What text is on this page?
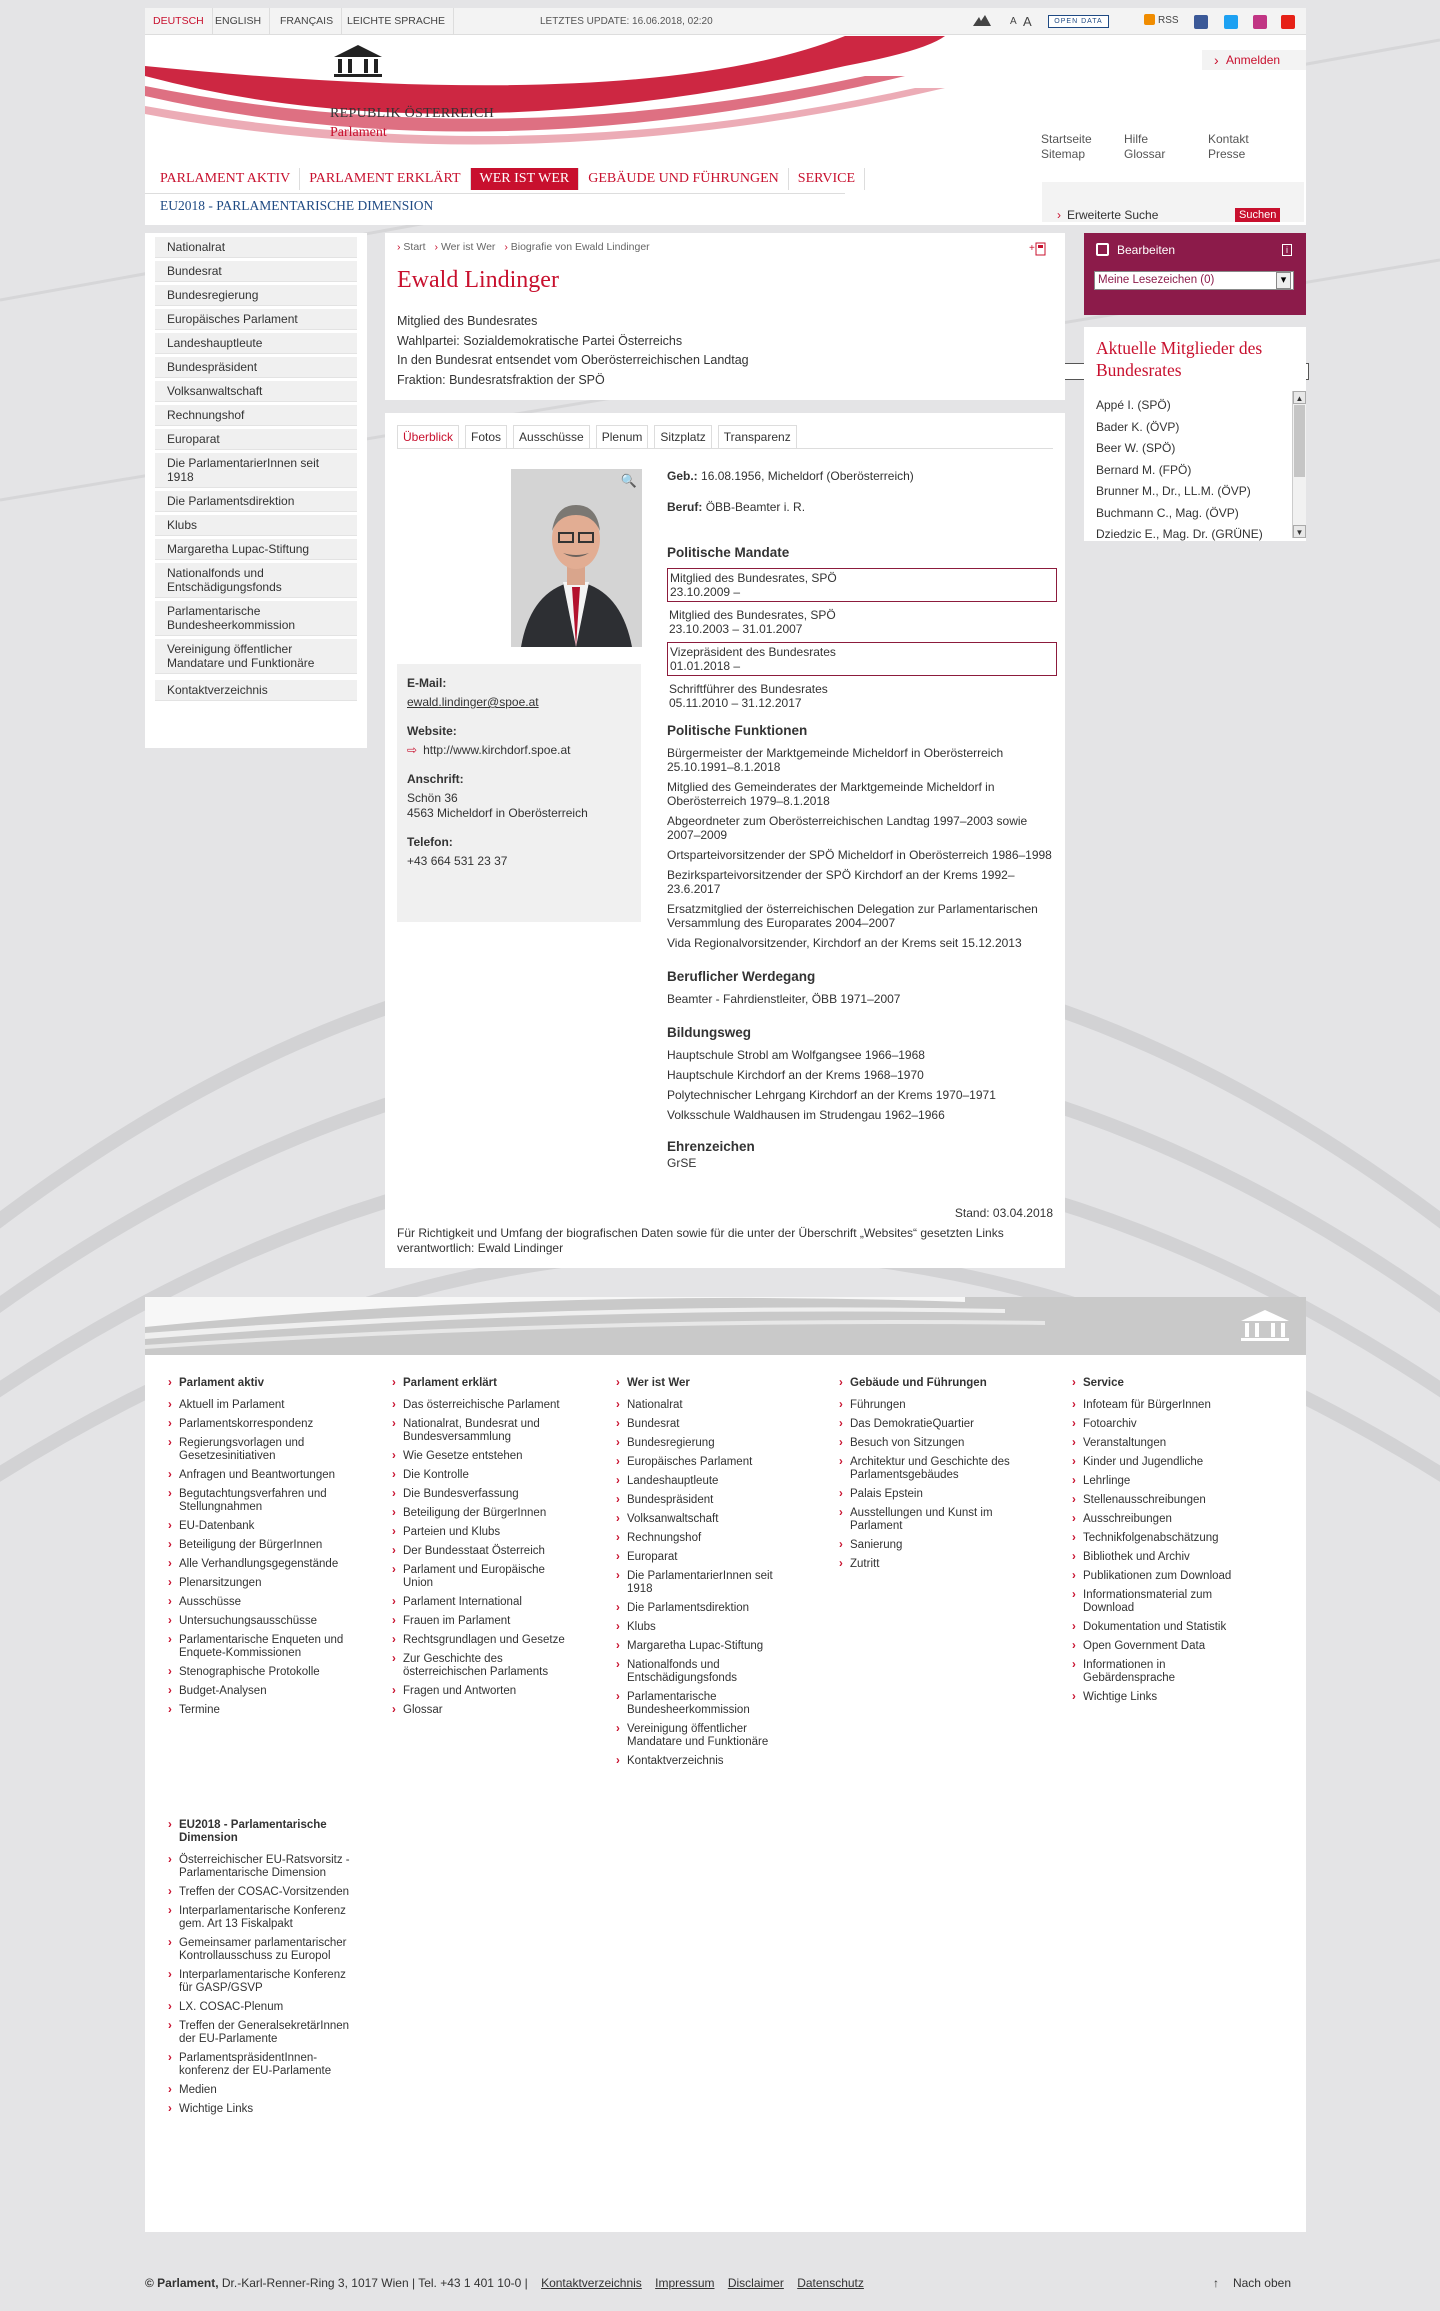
DEUTSCH	ENGLISH	FRANÇAIS	LEICHTE SPRACHE	LETZTES UPDATE: 16.06.2018, 02:20	A A	OPEN DATA	RSS
REPUBLIK ÖSTERREICH
Parlament
› Anmelden
Startseite
Sitemap
Hilfe
Glossar
Kontakt
Presse
PARLAMENT AKTIV	PARLAMENT ERKLÄRT	WER IST WER	GEBÄUDE UND FÜHRUNGEN	SERVICE
EU2018 - PARLAMENTARISCHE DIMENSION
› Erweiterte Suche	Suchen
Nationalrat
Bundesrat
Bundesregierung
Europäisches Parlament
Landeshauptleute
Bundespräsident
Volksanwaltschaft
Rechnungshof
Europarat
Die ParlamentarierInnen seit 1918
Die Parlamentsdirektion
Klubs
Margaretha Lupac-Stiftung
Nationalfonds und Entschädigungsfonds
Parlamentarische Bundesheerkommission
Vereinigung öffentlicher Mandatare und Funktionäre
Kontaktverzeichnis
› Start › Wer ist Wer › Biografie von Ewald Lindinger	+
Ewald Lindinger
Mitglied des Bundesrates
Wahlpartei: Sozialdemokratische Partei Österreichs
In den Bundesrat entsendet vom Oberösterreichischen Landtag
Fraktion: Bundesratsfraktion der SPÖ
Überblick	Fotos	Ausschüsse	Plenum	Sitzplatz	Transparenz
🔍
E-Mail:
ewald.lindinger@spoe.at
Website:
⇨ http://www.kirchdorf.spoe.at
Anschrift:
Schön 36
4563 Micheldorf in Oberösterreich
Telefon:
+43 664 531 23 37
Geb.: 16.08.1956, Micheldorf (Oberösterreich)
Beruf: ÖBB-Beamter i. R.
Politische Mandate
Mitglied des Bundesrates, SPÖ
23.10.2009 –
Mitglied des Bundesrates, SPÖ
23.10.2003 – 31.01.2007
Vizepräsident des Bundesrates
01.01.2018 –
Schriftführer des Bundesrates
05.11.2010 – 31.12.2017
Politische Funktionen
Bürgermeister der Marktgemeinde Micheldorf in Oberösterreich 25.10.1991–8.1.2018
Mitglied des Gemeinderates der Marktgemeinde Micheldorf in Oberösterreich 1979–8.1.2018
Abgeordneter zum Oberösterreichischen Landtag 1997–2003 sowie 2007–2009
Ortsparteivorsitzender der SPÖ Micheldorf in Oberösterreich 1986–1998
Bezirksparteivorsitzender der SPÖ Kirchdorf an der Krems 1992–23.6.2017
Ersatzmitglied der österreichischen Delegation zur Parlamentarischen Versammlung des Europarates 2004–2007
Vida Regionalvorsitzender, Kirchdorf an der Krems seit 15.12.2013
Beruflicher Werdegang
Beamter - Fahrdienstleiter, ÖBB 1971–2007
Bildungsweg
Hauptschule Strobl am Wolfgangsee 1966–1968
Hauptschule Kirchdorf an der Krems 1968–1970
Polytechnischer Lehrgang Kirchdorf an der Krems 1970–1971
Volksschule Waldhausen im Strudengau 1962–1966
Ehrenzeichen
GrSE
Stand: 03.04.2018
Für Richtigkeit und Umfang der biografischen Daten sowie für die unter der Überschrift „Websites“ gesetzten Links verantwortlich: Ewald Lindinger
Bearbeiten	i
Meine Lesezeichen (0) ▾
Aktuelle Mitglieder des Bundesrates
Appé I. (SPÖ)
Bader K. (ÖVP)
Beer W. (SPÖ)
Bernard M. (FPÖ)
Brunner M., Dr., LL.M. (ÖVP)
Buchmann C., Mag. (ÖVP)
Dziedzic E., Mag. Dr. (GRÜNE)
▲
▼
› Parlament aktiv
› Aktuell im Parlament
› Parlamentskorrespondenz
› Regierungsvorlagen und Gesetzesinitiativen
› Anfragen und Beantwortungen
› Begutachtungsverfahren und Stellungnahmen
› EU-Datenbank
› Beteiligung der BürgerInnen
› Alle Verhandlungsgegenstände
› Plenarsitzungen
› Ausschüsse
› Untersuchungsausschüsse
› Parlamentarische Enqueten und Enquete-Kommissionen
› Stenographische Protokolle
› Budget-Analysen
› Termine
› Parlament erklärt
› Das österreichische Parlament
› Nationalrat, Bundesrat und Bundesversammlung
› Wie Gesetze entstehen
› Die Kontrolle
› Die Bundesverfassung
› Beteiligung der BürgerInnen
› Parteien und Klubs
› Der Bundesstaat Österreich
› Parlament und Europäische Union
› Parlament International
› Frauen im Parlament
› Rechtsgrundlagen und Gesetze
› Zur Geschichte des österreichischen Parlaments
› Fragen und Antworten
› Glossar
› Wer ist Wer
› Nationalrat
› Bundesrat
› Bundesregierung
› Europäisches Parlament
› Landeshauptleute
› Bundespräsident
› Volksanwaltschaft
› Rechnungshof
› Europarat
› Die ParlamentarierInnen seit 1918
› Die Parlamentsdirektion
› Klubs
› Margaretha Lupac-Stiftung
› Nationalfonds und Entschädigungsfonds
› Parlamentarische Bundesheerkommission
› Vereinigung öffentlicher Mandatare und Funktionäre
› Kontaktverzeichnis
› Gebäude und Führungen
› Führungen
› Das DemokratieQuartier
› Besuch von Sitzungen
› Architektur und Geschichte des Parlamentsgebäudes
› Palais Epstein
› Ausstellungen und Kunst im Parlament
› Sanierung
› Zutritt
› Service
› Infoteam für BürgerInnen
› Fotoarchiv
› Veranstaltungen
› Kinder und Jugendliche
› Lehrlinge
› Stellenausschreibungen
› Ausschreibungen
› Technikfolgenabschätzung
› Bibliothek und Archiv
› Publikationen zum Download
› Informationsmaterial zum Download
› Dokumentation und Statistik
› Open Government Data
› Informationen in Gebärdensprache
› Wichtige Links
› EU2018 - Parlamentarische Dimension
› Österreichischer EU-Ratsvorsitz - Parlamentarische Dimension
› Treffen der COSAC-Vorsitzenden
› Interparlamentarische Konferenz gem. Art 13 Fiskalpakt
› Gemeinsamer parlamentarischer Kontrollausschuss zu Europol
› Interparlamentarische Konferenz für GASP/GSVP
› LX. COSAC-Plenum
› Treffen der GeneralsekretärInnen der EU-Parlamente
› ParlamentspräsidentInnen-konferenz der EU-Parlamente
› Medien
› Wichtige Links
© Parlament, Dr.-Karl-Renner-Ring 3, 1017 Wien | Tel. +43 1 401 10-0 | Kontaktverzeichnis Impressum Disclaimer Datenschutz	↑ Nach oben
